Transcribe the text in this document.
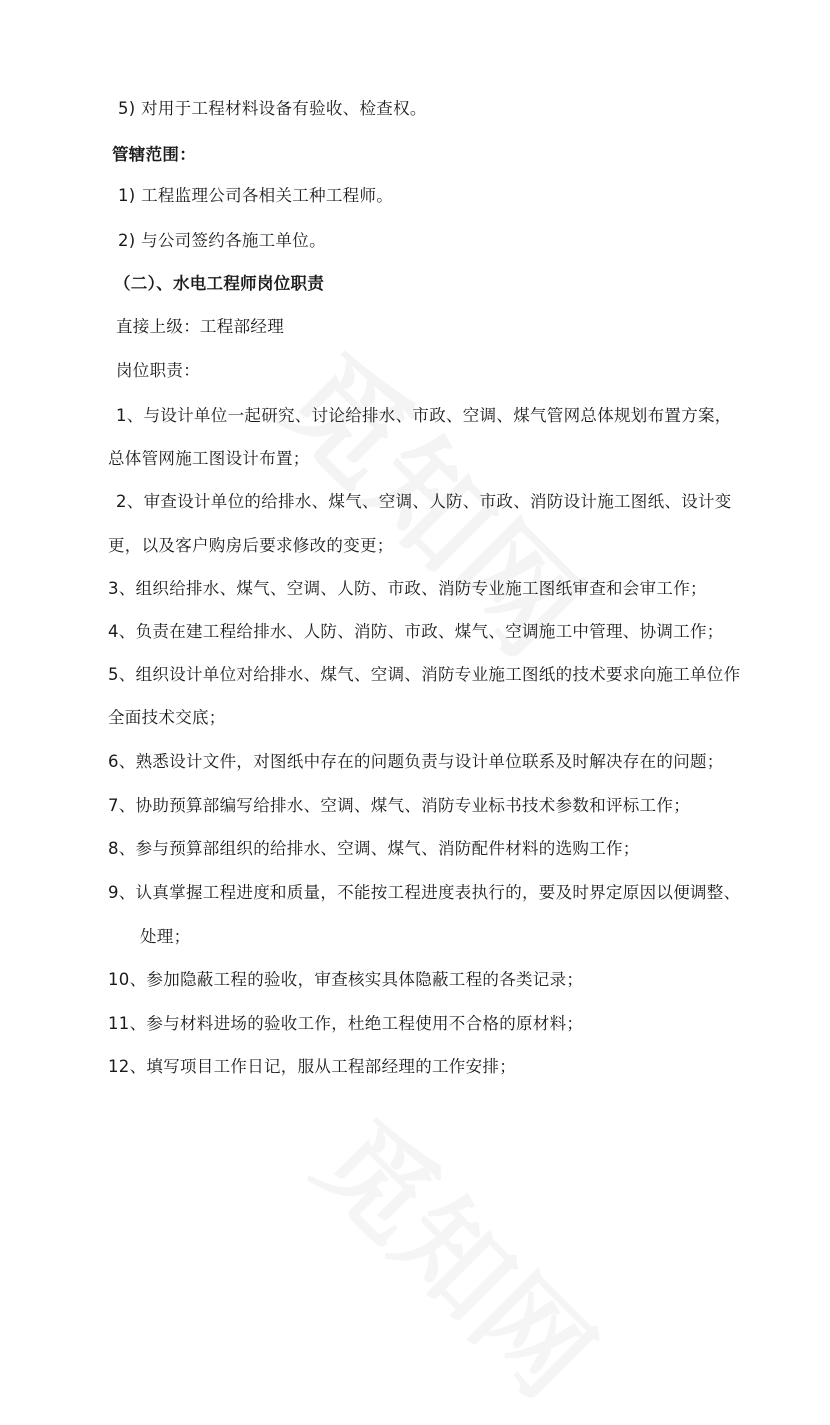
5) 对用于工程材料设备有验收、检查权。
管辖范围：
1) 工程监理公司各相关工种工程师。
2) 与公司签约各施工单位。
（二）、水电工程师岗位职责
直接上级：工程部经理
岗位职责：
1、与设计单位一起研究、讨论给排水、市政、空调、煤气管网总体规划布置方案，
总体管网施工图设计布置；
2、审查设计单位的给排水、煤气、空调、人防、市政、消防设计施工图纸、设计变
更，以及客户购房后要求修改的变更；
3、组织给排水、煤气、空调、人防、市政、消防专业施工图纸审查和会审工作；
4、负责在建工程给排水、人防、消防、市政、煤气、空调施工中管理、协调工作；
5、组织设计单位对给排水、煤气、空调、消防专业施工图纸的技术要求向施工单位作
全面技术交底；
6、熟悉设计文件，对图纸中存在的问题负责与设计单位联系及时解决存在的问题；
7、协助预算部编写给排水、空调、煤气、消防专业标书技术参数和评标工作；
8、参与预算部组织的给排水、空调、煤气、消防配件材料的选购工作；
9、认真掌握工程进度和质量，不能按工程进度表执行的，要及时界定原因以便调整、
处理；
10、参加隐蔽工程的验收，审查核实具体隐蔽工程的各类记录；
11、参与材料进场的验收工作，杜绝工程使用不合格的原材料；
12、填写项目工作日记，服从工程部经理的工作安排；
